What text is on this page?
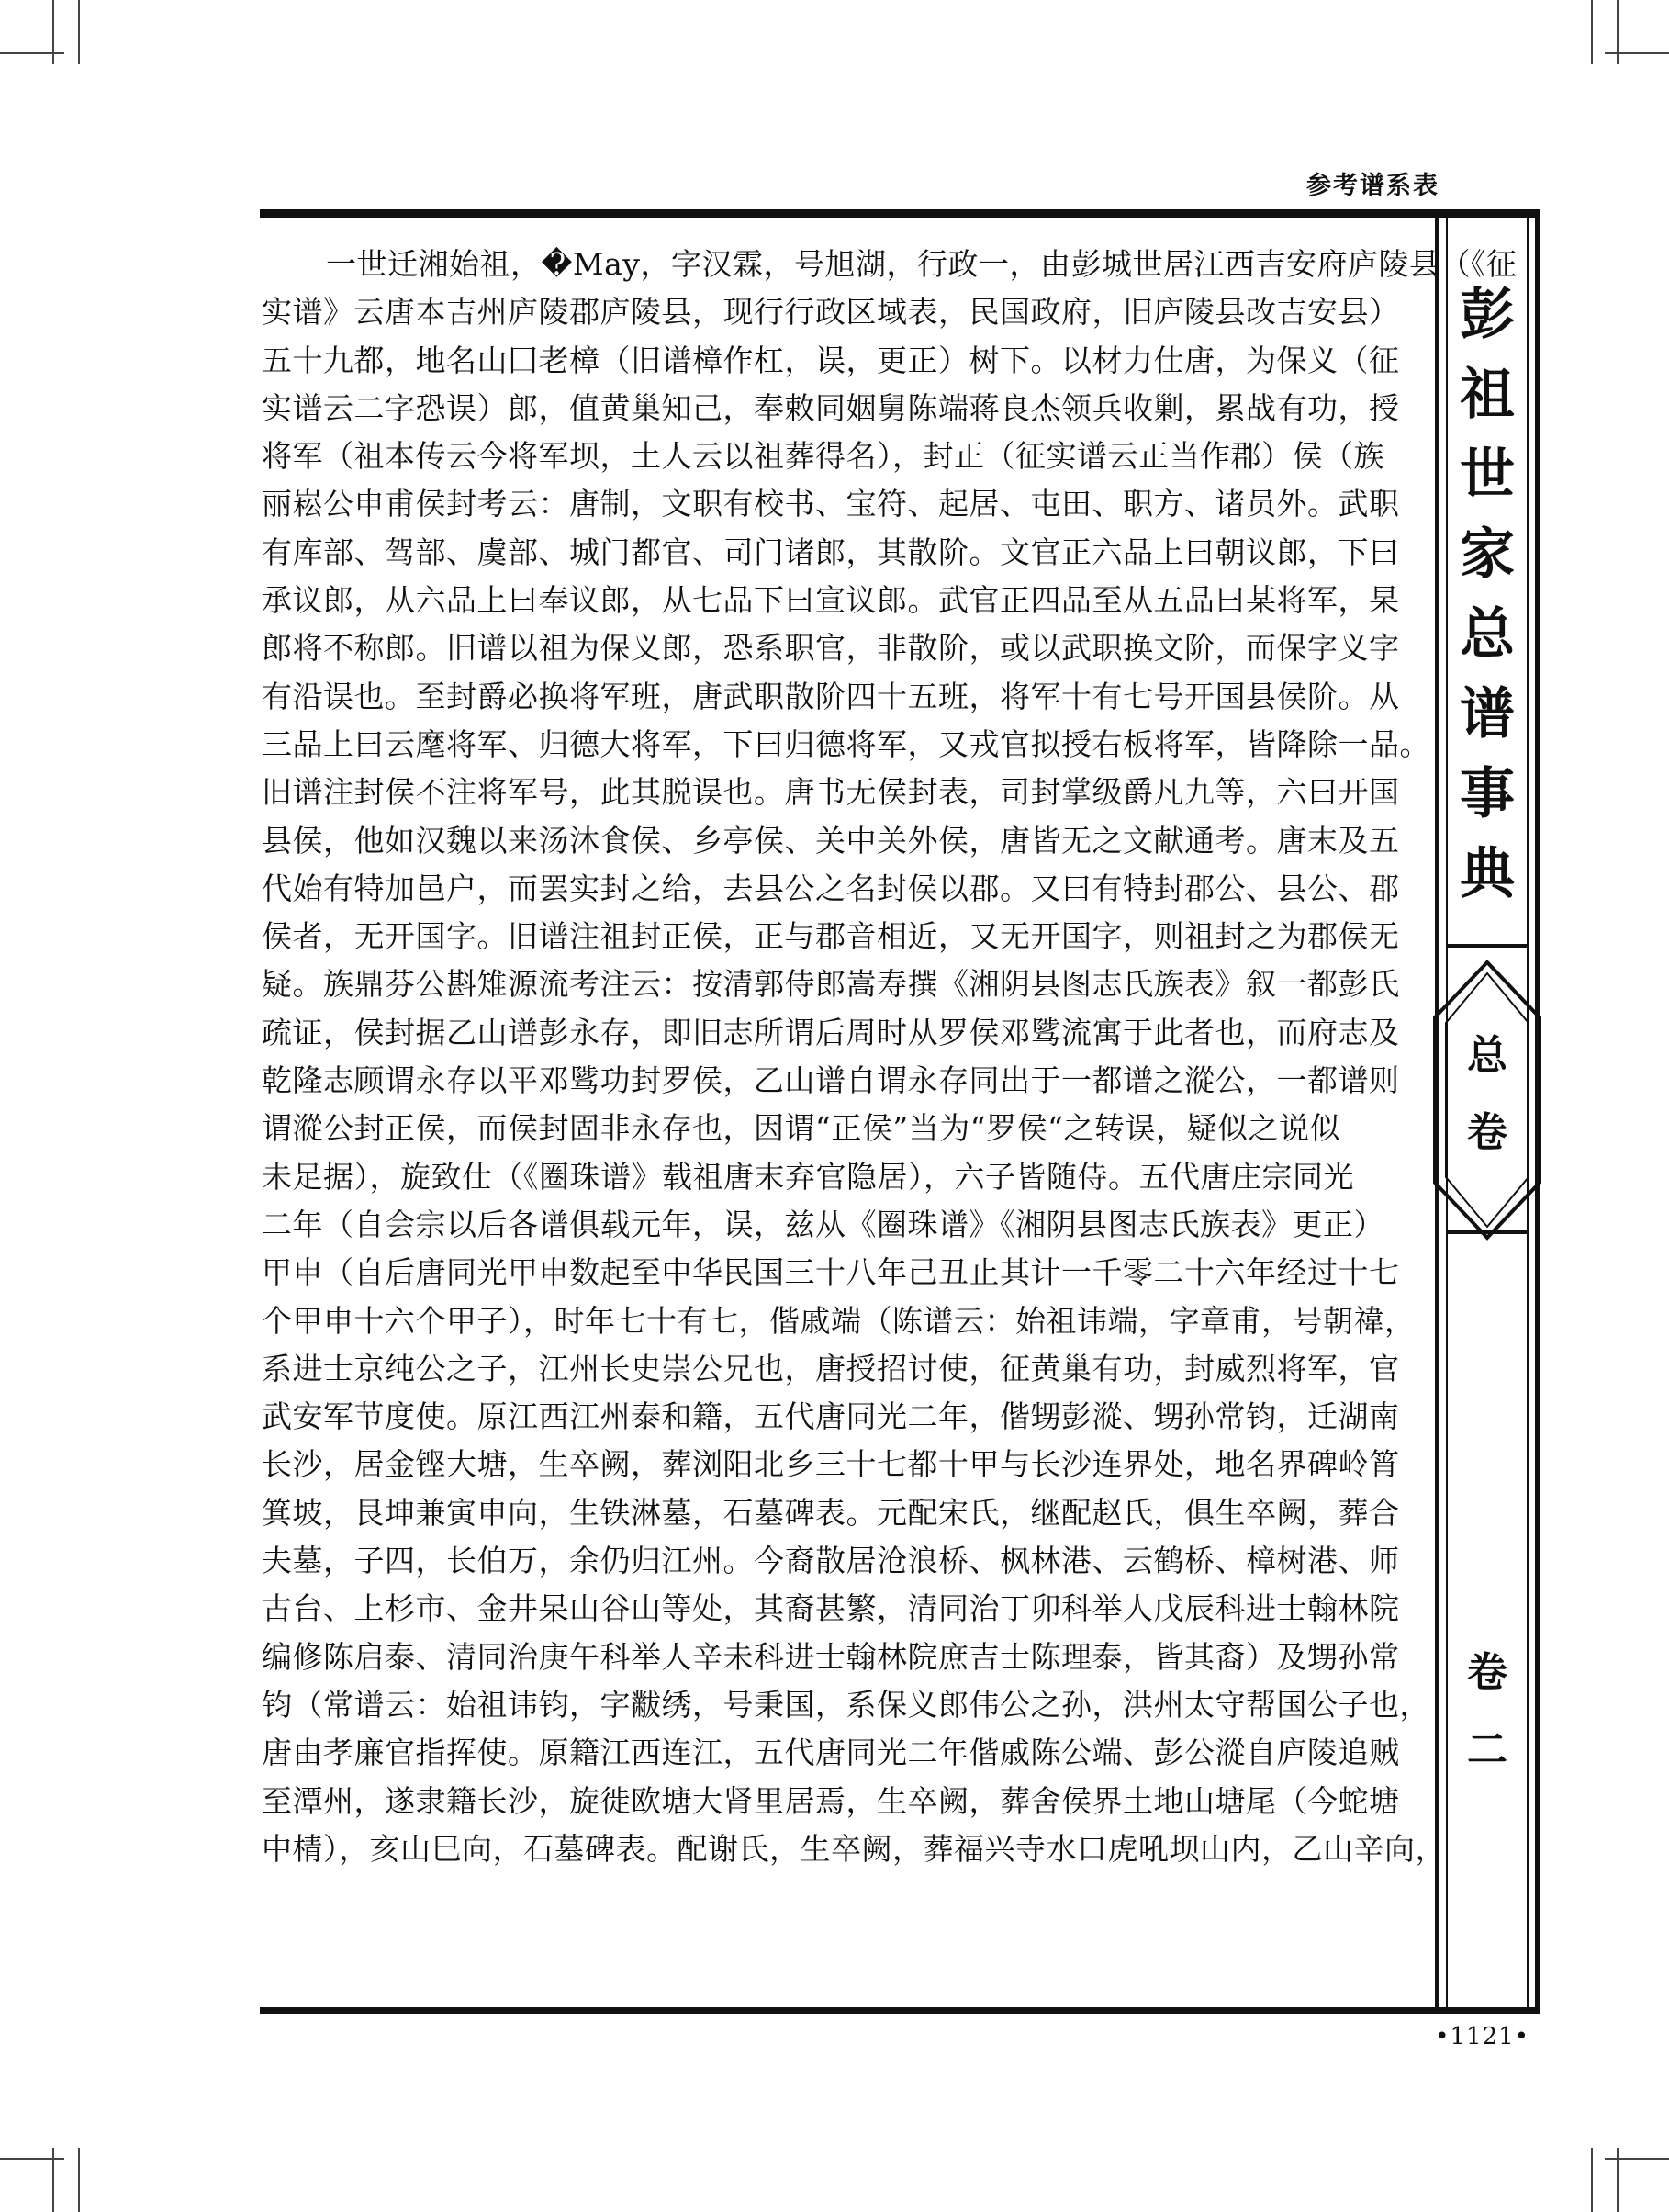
参考谱系表
一世迁湘始祖，�May，字汉霖，号旭湖，行政一，由彭城世居江西吉安府庐陵县（《征
实谱》云唐本吉州庐陵郡庐陵县，现行行政区域表，民国政府，旧庐陵县改吉安县）
五十九都，地名山囗老樟（旧谱樟作杠，误，更正）树下。以材力仕唐，为保义（征
实谱云二字恐误）郎，值黄巢知己，奉敕同姻舅陈端蒋良杰领兵收剿，累战有功，授
将军（祖本传云今将军坝，土人云以祖葬得名），封正（征实谱云正当作郡）侯（族
丽崧公申甫侯封考云：唐制，文职有校书、宝符、起居、屯田、职方、诸员外。武职
有库部、驾部、虞部、城门都官、司门诸郎，其散阶。文官正六品上曰朝议郎，下曰
承议郎，从六品上曰奉议郎，从七品下曰宣议郎。武官正四品至从五品曰某将军，杲
郎将不称郎。旧谱以祖为保义郎，恐系职官，非散阶，或以武职换文阶，而保字义字
有沿误也。至封爵必换将军班，唐武职散阶四十五班，将军十有七号开国县侯阶。从
三品上曰云麾将军、归德大将军，下曰归德将军，又戎官拟授右板将军，皆降除一品。
旧谱注封侯不注将军号，此其脱误也。唐书无侯封表，司封掌级爵凡九等，六曰开国
县侯，他如汉魏以来汤沐食侯、乡亭侯、关中关外侯，唐皆无之文献通考。唐末及五
代始有特加邑户，而罢实封之给，去县公之名封侯以郡。又曰有特封郡公、县公、郡
侯者，无开国字。旧谱注祖封正侯，正与郡音相近，又无开国字，则祖封之为郡侯无
疑。族鼎芬公斟雉源流考注云：按清郭侍郎嵩寿撰《湘阴县图志氏族表》叙一都彭氏
疏证，侯封据乙山谱彭永存，即旧志所谓后周时从罗侯邓骘流寓于此者也，而府志及
乾隆志顾谓永存以平邓骘功封罗侯，乙山谱自谓永存同出于一都谱之漎公，一都谱则
谓漎公封正侯，而侯封固非永存也，因谓“正侯”当为“罗侯“之转误，疑似之说似
未足据），旋致仕（《圈珠谱》载祖唐末弃官隐居），六子皆随侍。五代唐庄宗同光
二年（自会宗以后各谱俱载元年，误，兹从《圈珠谱》《湘阴县图志氏族表》更正）
甲申（自后唐同光甲申数起至中华民国三十八年己丑止其计一千零二十六年经过十七
个甲申十六个甲子），时年七十有七，偕戚端（陈谱云：始祖讳端，字章甫，号朝禕，
系进士京纯公之子，江州长史崇公兄也，唐授招讨使，征黄巢有功，封威烈将军，官
武安军节度使。原江西江州泰和籍，五代唐同光二年，偕甥彭漎、甥孙常钧，迁湖南
长沙，居金铿大塘，生卒阙，葬浏阳北乡三十七都十甲与长沙连界处，地名界碑岭筲
箕坡，艮坤兼寅申向，生铁淋墓，石墓碑表。元配宋氏，继配赵氏，俱生卒阙，葬合
夫墓，子四，长伯万，余仍归江州。今裔散居沧浪桥、枫林港、云鹤桥、樟树港、师
古台、上杉市、金井杲山谷山等处，其裔甚繁，清同治丁卯科举人戊辰科进士翰林院
编修陈启泰、清同治庚午科举人辛未科进士翰林院庶吉士陈理泰，皆其裔）及甥孙常
钧（常谱云：始祖讳钧，字黻绣，号秉国，系保义郎伟公之孙，洪州太守帮国公子也，
唐由孝廉官指挥使。原籍江西连江，五代唐同光二年偕戚陈公端、彭公漎自庐陵追贼
至潭州，遂隶籍长沙，旋徙欧塘大肾里居焉，生卒阙，葬舍侯界土地山塘尾（今蛇塘
中棈），亥山巳向，石墓碑表。配谢氏，生卒阙，葬福兴寺水口虎吼坝山内，乙山辛向，
彭
祖
世
家
总
谱
事
典
总
卷
卷
二
•1121•
